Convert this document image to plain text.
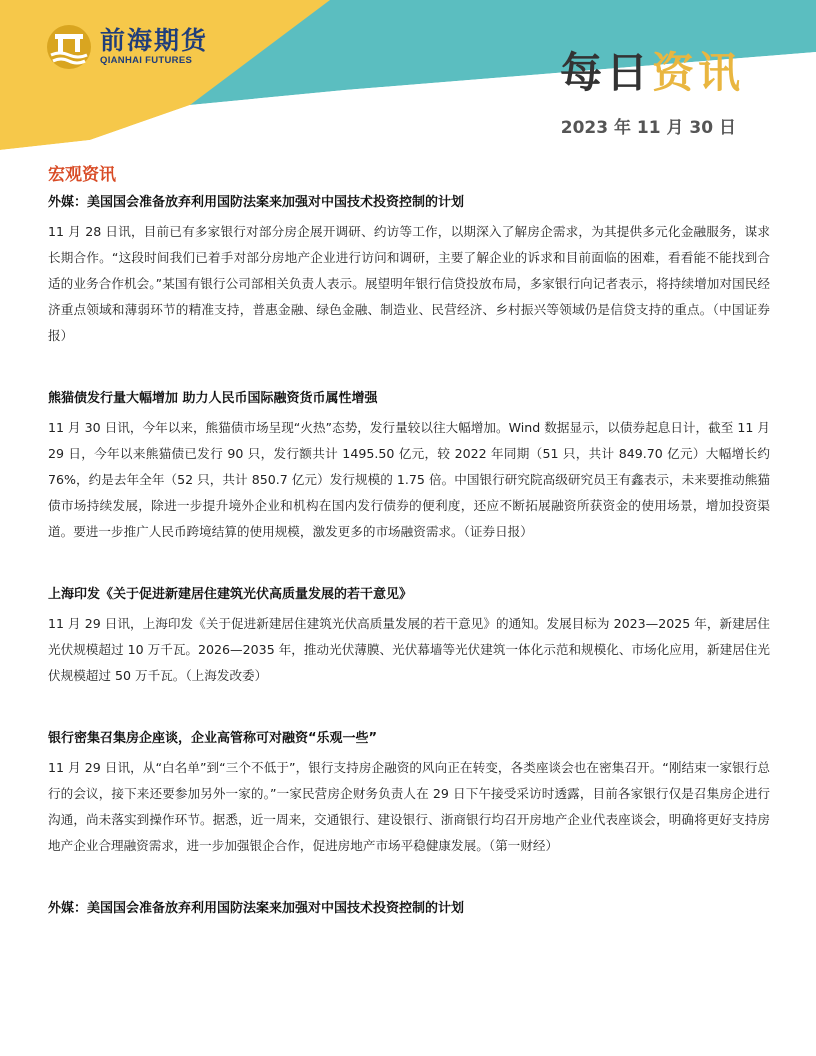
前海期货
QIANHAI FUTURES	每日资讯
2023 年 11 月 30 日
宏观资讯
外媒：美国国会准备放弃利用国防法案来加强对中国技术投资控制的计划
11 月 28 日讯，目前已有多家银行对部分房企展开调研、约访等工作，以期深入了解房企需求，为其提供多元化金融服务，谋求长期合作。“这段时间我们已着手对部分房地产企业进行访问和调研，主要了解企业的诉求和目前面临的困难，看看能不能找到合适的业务合作机会。”某国有银行公司部相关负责人表示。展望明年银行信贷投放布局，多家银行向记者表示，将持续增加对国民经济重点领域和薄弱环节的精准支持，普惠金融、绿色金融、制造业、民营经济、乡村振兴等领域仍是信贷支持的重点。（中国证券报）
熊猫债发行量大幅增加 助力人民币国际融资货币属性增强
11 月 30 日讯，今年以来，熊猫债市场呈现“火热”态势，发行量较以往大幅增加。Wind 数据显示，以债券起息日计，截至 11 月 29 日，今年以来熊猫债已发行 90 只，发行额共计 1495.50 亿元，较 2022 年同期（51 只，共计 849.70 亿元）大幅增长约 76%，约是去年全年（52 只，共计 850.7 亿元）发行规模的 1.75 倍。中国银行研究院高级研究员王有鑫表示，未来要推动熊猫债市场持续发展，除进一步提升境外企业和机构在国内发行债券的便利度，还应不断拓展融资所获资金的使用场景，增加投资渠道。要进一步推广人民币跨境结算的使用规模，激发更多的市场融资需求。（证券日报）
上海印发《关于促进新建居住建筑光伏高质量发展的若干意见》
11 月 29 日讯，上海印发《关于促进新建居住建筑光伏高质量发展的若干意见》的通知。发展目标为 2023—2025 年，新建居住光伏规模超过 10 万千瓦。2026—2035 年，推动光伏薄膜、光伏幕墙等光伏建筑一体化示范和规模化、市场化应用，新建居住光伏规模超过 50 万千瓦。（上海发改委）
银行密集召集房企座谈，企业高管称可对融资“乐观一些”
11 月 29 日讯，从“白名单”到“三个不低于”，银行支持房企融资的风向正在转变，各类座谈会也在密集召开。“刚结束一家银行总行的会议，接下来还要参加另外一家的。”一家民营房企财务负责人在 29 日下午接受采访时透露，目前各家银行仅是召集房企进行沟通，尚未落实到操作环节。据悉，近一周来，交通银行、建设银行、浙商银行均召开房地产企业代表座谈会，明确将更好支持房地产企业合理融资需求，进一步加强银企合作，促进房地产市场平稳健康发展。（第一财经）
外媒：美国国会准备放弃利用国防法案来加强对中国技术投资控制的计划
